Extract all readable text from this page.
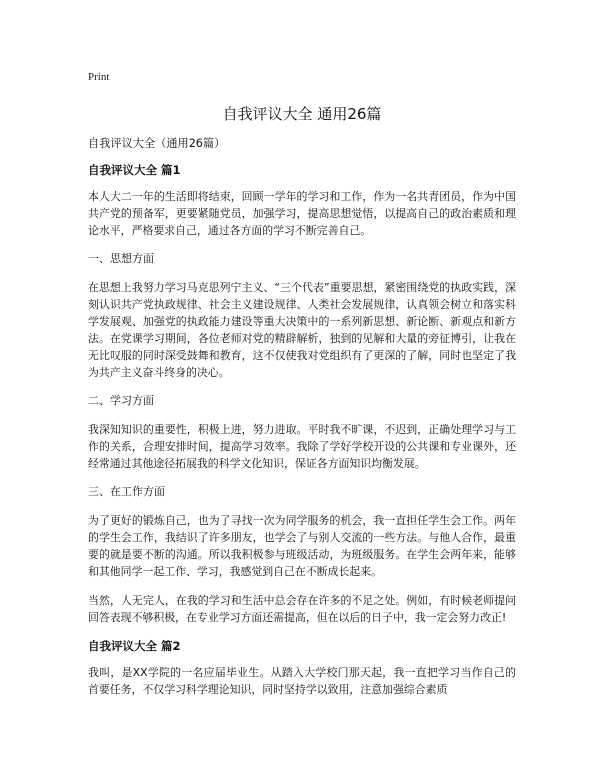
Print
自我评议大全 通用26篇

自我评议大全（通用26篇）

自我评议大全 篇1

本人大二一年的生活即将结束，回顾一学年的学习和工作，作为一名共青团员，作为中国共产党的预备军，更要紧随党员，加强学习，提高思想觉悟，以提高自己的政治素质和理论水平，严格要求自己，通过各方面的学习不断完善自己。

一、思想方面

在思想上我努力学习马克思列宁主义、“三个代表”重要思想，紧密围绕党的执政实践，深刻认识共产党执政规律、社会主义建设规律、人类社会发展规律，认真领会树立和落实科学发展观、加强党的执政能力建设等重大决策中的一系列新思想、新论断、新观点和新方法。在党课学习期间，各位老师对党的精辟解析，独到的见解和大量的旁征博引，让我在无比叹服的同时深受鼓舞和教育，这不仅使我对党组织有了更深的了解，同时也坚定了我为共产主义奋斗终身的决心。

二、学习方面

我深知知识的重要性，积极上进，努力进取。平时我不旷课，不迟到，正确处理学习与工作的关系，合理安排时间，提高学习效率。我除了学好学校开设的公共课和专业课外，还经常通过其他途径拓展我的科学文化知识，保证各方面知识均衡发展。

三、在工作方面

为了更好的锻炼自己，也为了寻找一次为同学服务的机会，我一直担任学生会工作。两年的学生会工作，我结识了许多朋友，也学会了与别人交流的一些方法。与他人合作，最重要的就是要不断的沟通。所以我积极参与班级活动，为班级服务。在学生会两年来，能够和其他同学一起工作、学习，我感觉到自己在不断成长起来。

当然，人无完人，在我的学习和生活中总会存在许多的不足之处。例如，有时候老师提问回答表现不够积极，在专业学习方面还需提高，但在以后的日子中，我一定会努力改正!

自我评议大全 篇2

我叫，是XX学院的一名应届毕业生。从踏入大学校门那天起，我一直把学习当作自己的首要任务，不仅学习科学理论知识，同时坚持学以致用，注意加强综合素质
